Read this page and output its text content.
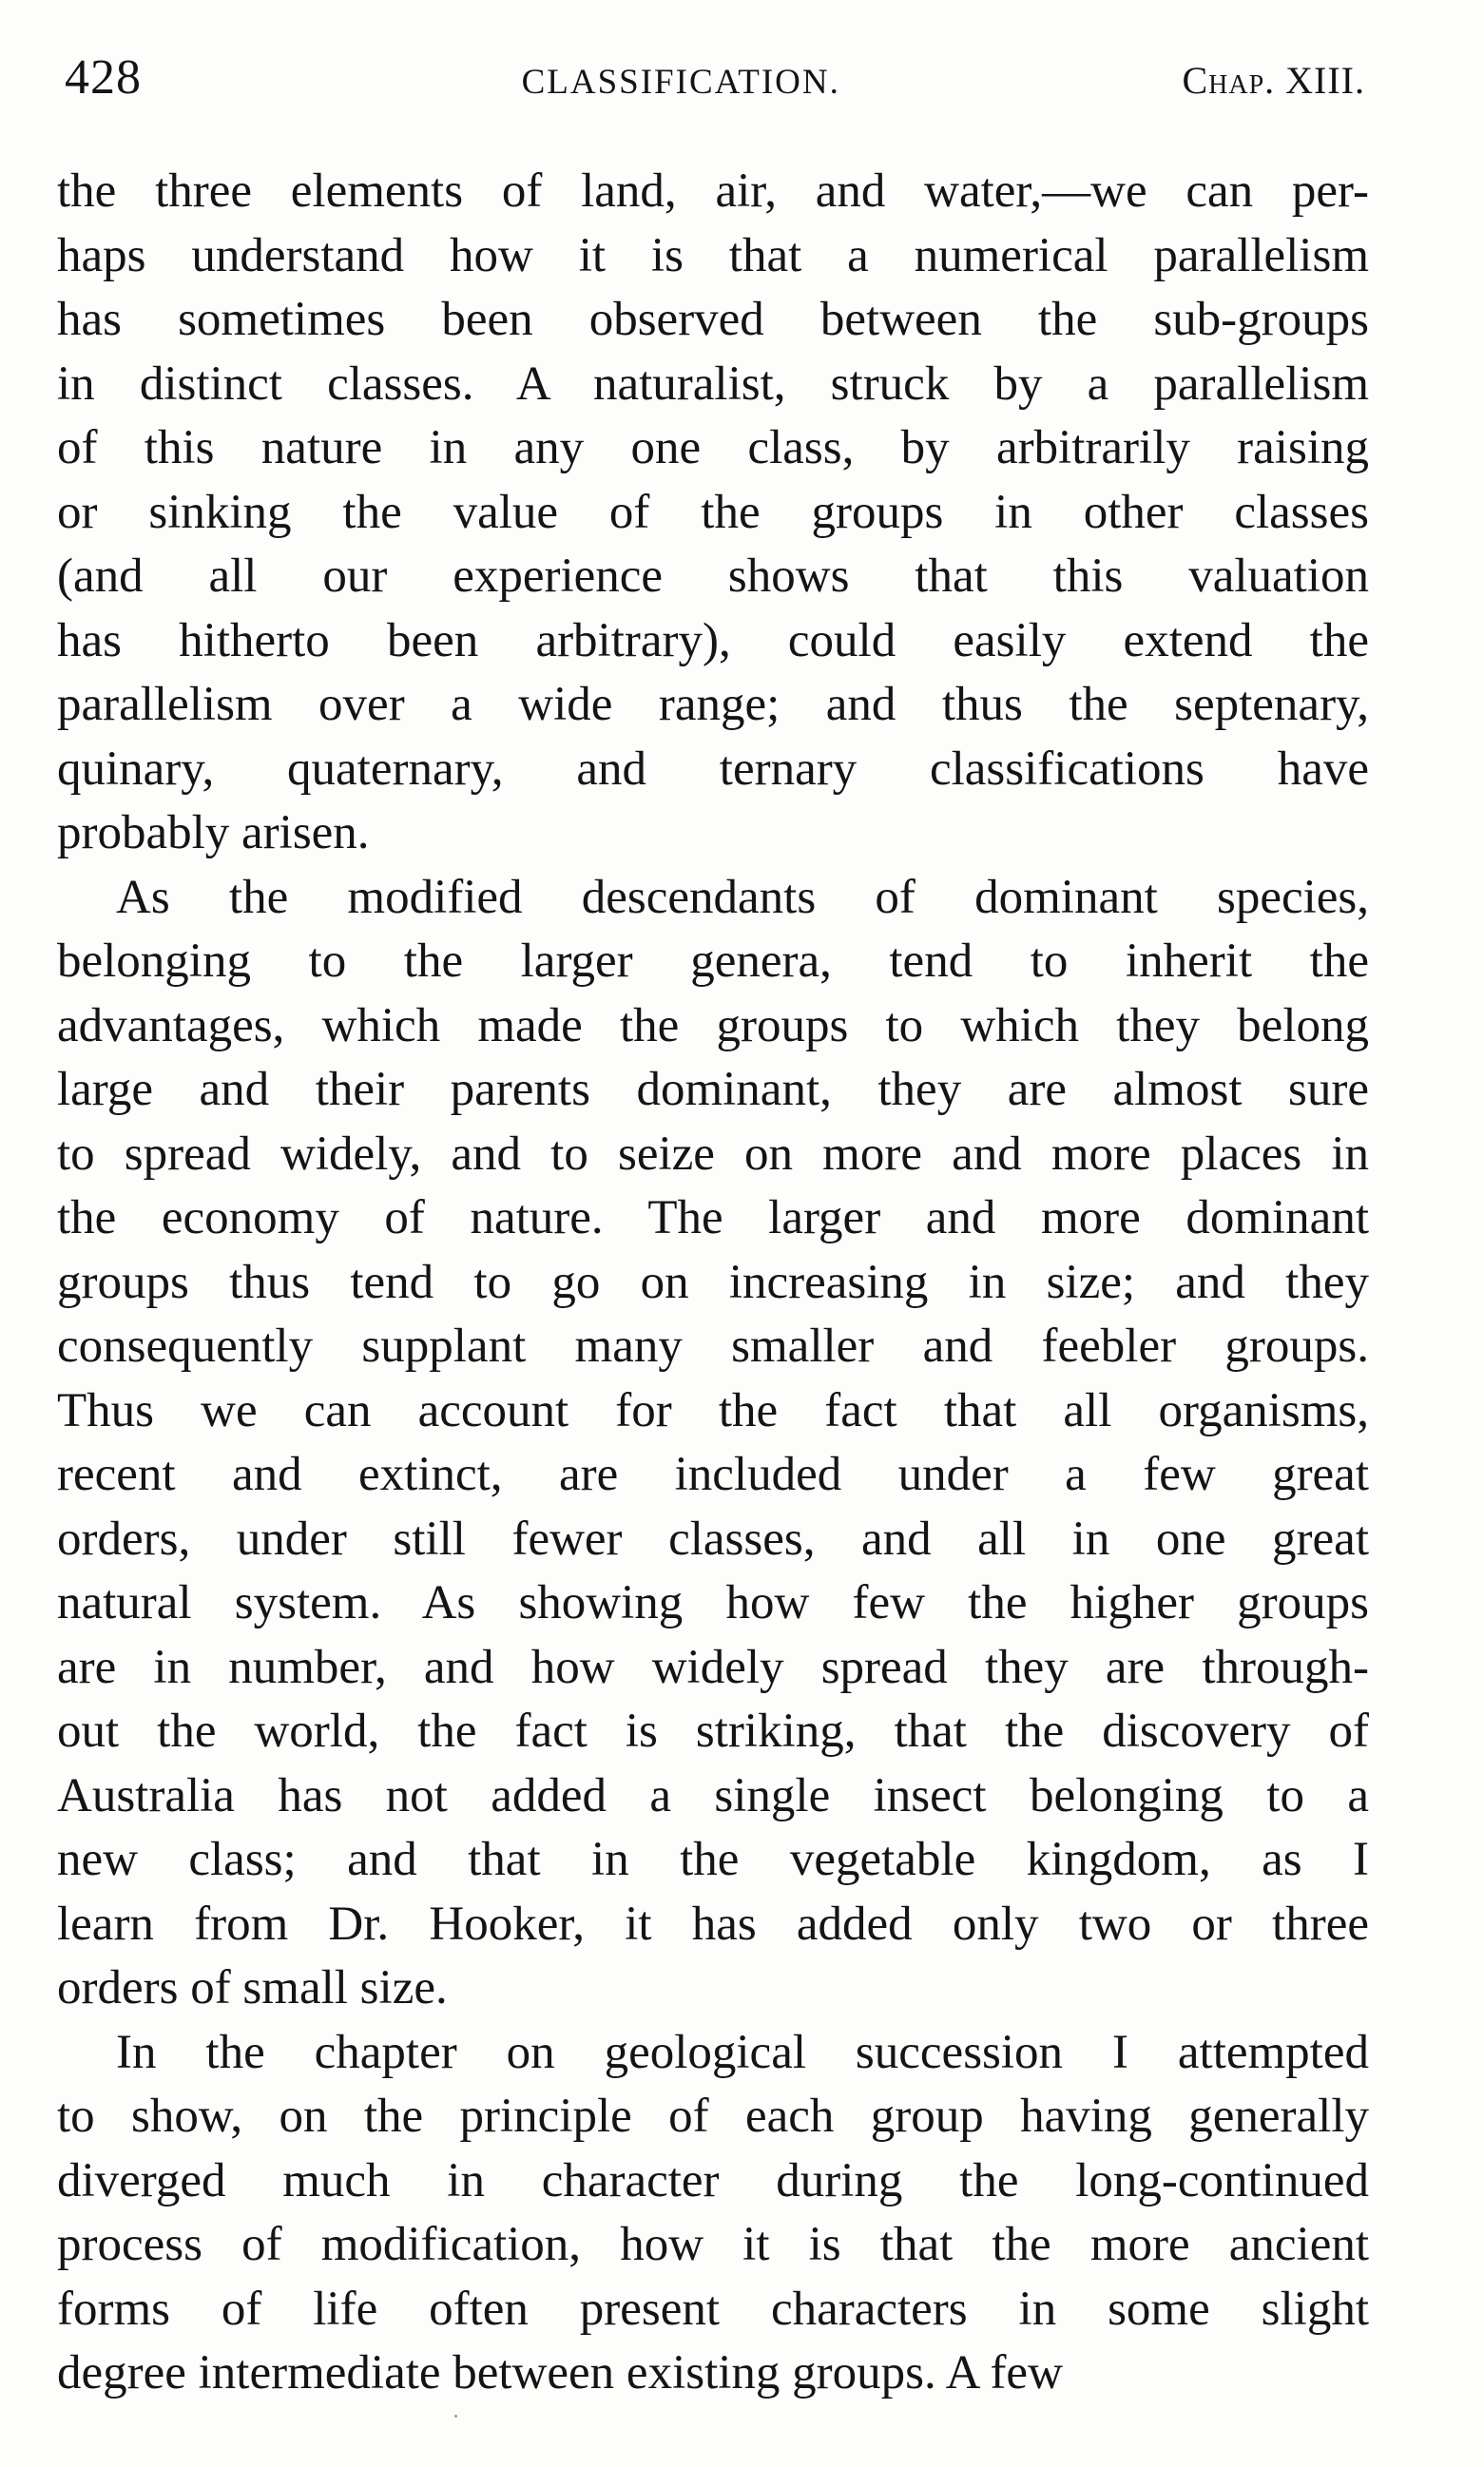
428	CLASSIFICATION.	Chap. XIII.
the three elements of land, air, and water,—we can per-
haps understand how it is that a numerical parallelism
has sometimes been observed between the sub-groups
in distinct classes. A naturalist, struck by a parallelism
of this nature in any one class, by arbitrarily raising
or sinking the value of the groups in other classes
(and all our experience shows that this valuation
has hitherto been arbitrary), could easily extend the
parallelism over a wide range; and thus the septenary,
quinary, quaternary, and ternary classifications have
probably arisen.
As the modified descendants of dominant species,
belonging to the larger genera, tend to inherit the
advantages, which made the groups to which they belong
large and their parents dominant, they are almost sure
to spread widely, and to seize on more and more places in
the economy of nature. The larger and more dominant
groups thus tend to go on increasing in size; and they
consequently supplant many smaller and feebler groups.
Thus we can account for the fact that all organisms,
recent and extinct, are included under a few great
orders, under still fewer classes, and all in one great
natural system. As showing how few the higher groups
are in number, and how widely spread they are through-
out the world, the fact is striking, that the discovery of
Australia has not added a single insect belonging to a
new class; and that in the vegetable kingdom, as I
learn from Dr. Hooker, it has added only two or three
orders of small size.
In the chapter on geological succession I attempted
to show, on the principle of each group having generally
diverged much in character during the long-continued
process of modification, how it is that the more ancient
forms of life often present characters in some slight
degree intermediate between existing groups. A few
